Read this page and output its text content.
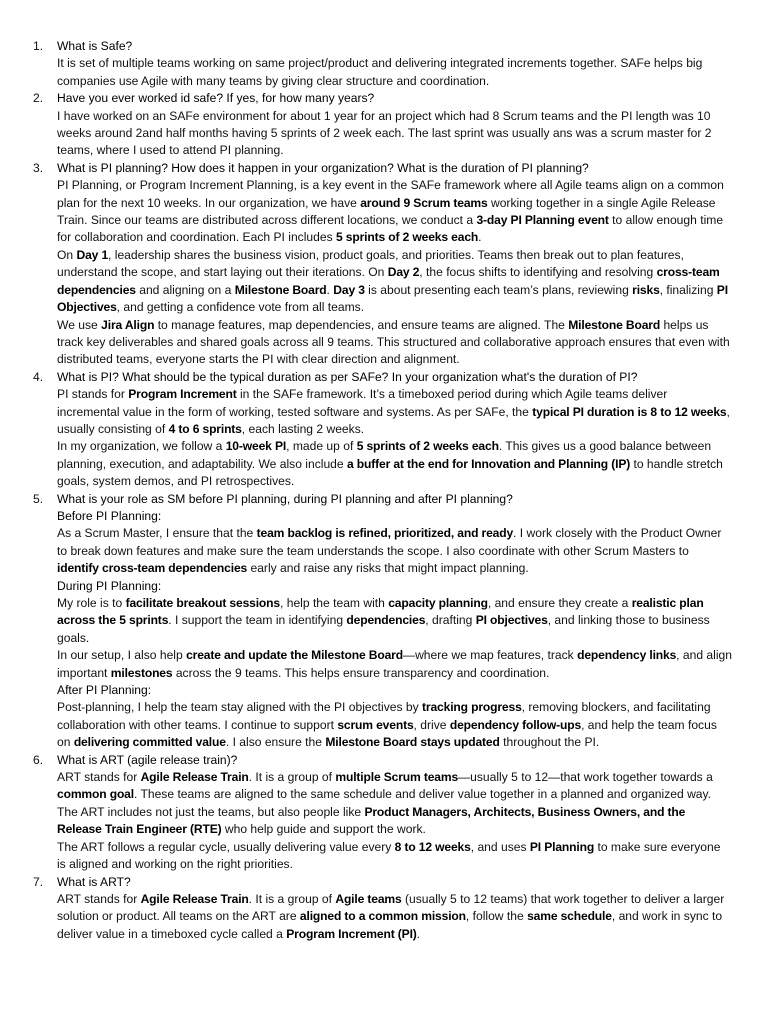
1. What is Safe?
It is set of multiple teams working on same project/product and delivering integrated increments together. SAFe helps big companies use Agile with many teams by giving clear structure and coordination.
2. Have you ever worked id safe? If yes, for how many years?
I have worked on an SAFe environment for about 1 year for an project which had 8 Scrum teams and the PI length was 10 weeks around 2and half months having 5 sprints of 2 week each. The last sprint was usually ans was a scrum master for 2 teams, where I used to attend PI planning.
3. What is PI planning? How does it happen in your organization? What is the duration of PI planning?
PI Planning, or Program Increment Planning, is a key event in the SAFe framework where all Agile teams align on a common plan for the next 10 weeks. In our organization, we have around 9 Scrum teams working together in a single Agile Release Train. Since our teams are distributed across different locations, we conduct a 3-day PI Planning event to allow enough time for collaboration and coordination. Each PI includes 5 sprints of 2 weeks each.
On Day 1, leadership shares the business vision, product goals, and priorities. Teams then break out to plan features, understand the scope, and start laying out their iterations. On Day 2, the focus shifts to identifying and resolving cross-team dependencies and aligning on a Milestone Board. Day 3 is about presenting each team’s plans, reviewing risks, finalizing PI Objectives, and getting a confidence vote from all teams.
We use Jira Align to manage features, map dependencies, and ensure teams are aligned. The Milestone Board helps us track key deliverables and shared goals across all 9 teams. This structured and collaborative approach ensures that even with distributed teams, everyone starts the PI with clear direction and alignment.
4. What is PI? What should be the typical duration as per SAFe? In your organization what's the duration of PI?
PI stands for Program Increment in the SAFe framework. It’s a timeboxed period during which Agile teams deliver incremental value in the form of working, tested software and systems. As per SAFe, the typical PI duration is 8 to 12 weeks, usually consisting of 4 to 6 sprints, each lasting 2 weeks.
In my organization, we follow a 10-week PI, made up of 5 sprints of 2 weeks each. This gives us a good balance between planning, execution, and adaptability. We also include a buffer at the end for Innovation and Planning (IP) to handle stretch goals, system demos, and PI retrospectives.
5. What is your role as SM before PI planning, during PI planning and after PI planning?
Before PI Planning:
As a Scrum Master, I ensure that the team backlog is refined, prioritized, and ready. I work closely with the Product Owner to break down features and make sure the team understands the scope. I also coordinate with other Scrum Masters to identify cross-team dependencies early and raise any risks that might impact planning.
During PI Planning:
My role is to facilitate breakout sessions, help the team with capacity planning, and ensure they create a realistic plan across the 5 sprints. I support the team in identifying dependencies, drafting PI objectives, and linking those to business goals.
In our setup, I also help create and update the Milestone Board—where we map features, track dependency links, and align important milestones across the 9 teams. This helps ensure transparency and coordination.
After PI Planning:
Post-planning, I help the team stay aligned with the PI objectives by tracking progress, removing blockers, and facilitating collaboration with other teams. I continue to support scrum events, drive dependency follow-ups, and help the team focus on delivering committed value. I also ensure the Milestone Board stays updated throughout the PI.
6. What is ART (agile release train)?
ART stands for Agile Release Train. It is a group of multiple Scrum teams—usually 5 to 12—that work together towards a common goal. These teams are aligned to the same schedule and deliver value together in a planned and organized way.
The ART includes not just the teams, but also people like Product Managers, Architects, Business Owners, and the Release Train Engineer (RTE) who help guide and support the work.
The ART follows a regular cycle, usually delivering value every 8 to 12 weeks, and uses PI Planning to make sure everyone is aligned and working on the right priorities.
7. What is ART?
ART stands for Agile Release Train. It is a group of Agile teams (usually 5 to 12 teams) that work together to deliver a larger solution or product. All teams on the ART are aligned to a common mission, follow the same schedule, and work in sync to deliver value in a timeboxed cycle called a Program Increment (PI).
